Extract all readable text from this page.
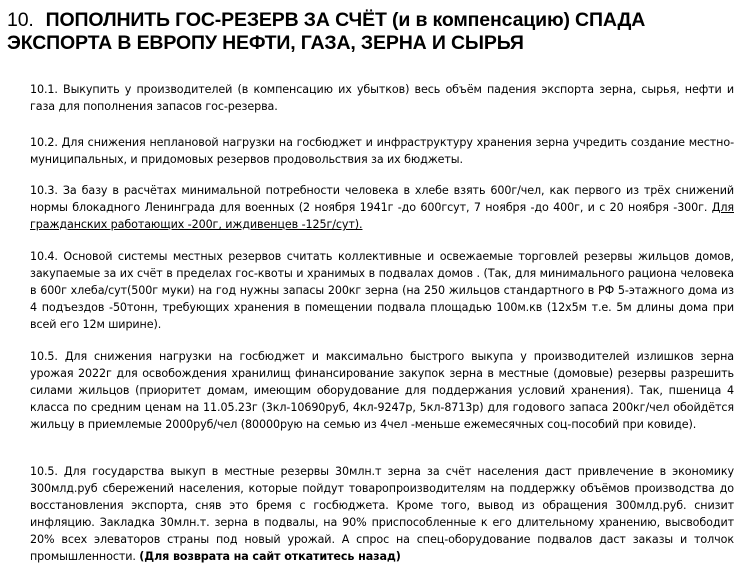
10. ПОПОЛНИТЬ ГОС-РЕЗЕРВ ЗА СЧЁТ (и в компенсацию) СПАДА ЭКСПОРТА В ЕВРОПУ НЕФТИ, ГАЗА, ЗЕРНА И СЫРЬЯ
10.1. Выкупить у производителей (в компенсацию их убытков) весь объём падения экспорта зерна, сырья, нефти и газа для пополнения запасов гос-резерва.
10.2. Для снижения неплановой нагрузки на госбюджет и инфраструктуру хранения зерна учредить создание местно-муниципальных, и придомовых резервов продовольствия за их бюджеты.
10.3. За базу в расчётах минимальной потребности человека в хлебе взять 600г/чел, как первого из трёх снижений нормы блокадного Ленинграда для военных (2 ноября 1941г -до 600гсут, 7 ноября -до 400г, и с 20 ноября -300г. Для гражданских работающих -200г, иждивенцев -125г/сут).
10.4. Основой системы местных резервов считать коллективные и освежаемые торговлей резервы жильцов домов, закупаемые за их счёт в пределах гос-квоты и хранимых в подвалах домов . (Так, для минимального рациона человека в 600г хлеба/сут(500г муки) на год нужны запасы 200кг зерна (на 250 жильцов стандартного в РФ 5-этажного дома из 4 подъездов -50тонн, требующих хранения в помещении подвала площадью 100м.кв (12х5м т.е. 5м длины дома при всей его 12м ширине).
10.5. Для снижения нагрузки на госбюджет и максимально быстрого выкупа у производителей излишков зерна урожая 2022г для освобождения хранилищ финансирование закупок зерна в местные (домовые) резервы разрешить силами жильцов (приоритет домам, имеющим оборудование для поддержания условий хранения). Так, пшеница 4 класса по средним ценам на 11.05.23г (3кл-10690руб, 4кл-9247р, 5кл-8713р) для годового запаса 200кг/чел обойдётся жильцу в приемлемые 2000руб/чел (80000рую на семью из 4чел -меньше ежемесячных соц-пособий при ковиде).
10.5. Для государства выкуп в местные резервы 30млн.т зерна за счёт населения даст привлечение в экономику 300млд.руб сбережений населения, которые пойдут товаропроизводителям на поддержку объёмов производства до восстановления экспорта, сняв это бремя с госбюджета. Кроме того, вывод из обращения 300млд.руб. снизит инфляцию. Закладка 30млн.т. зерна в подвалы, на 90% приспособленные к его длительному хранению, высвободит 20% всех элеваторов страны под новый урожай. А спрос на спец-оборудование подвалов даст заказы и толчок промышленности. (Для возврата на сайт откатитесь назад)
